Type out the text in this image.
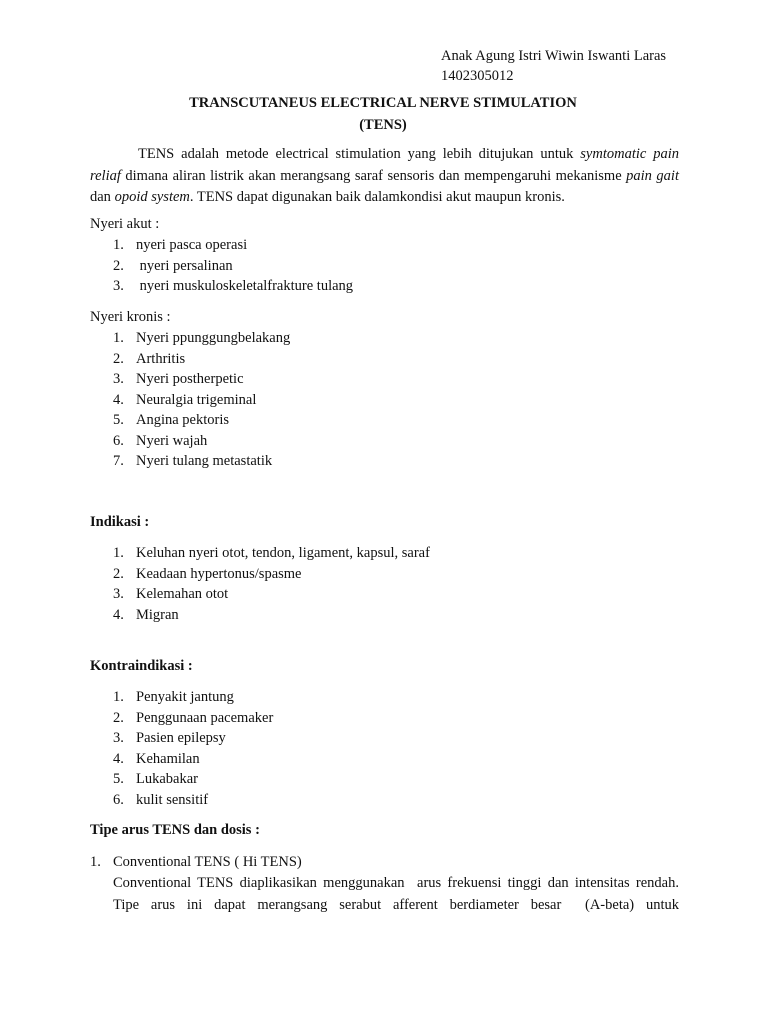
Anak Agung Istri Wiwin Iswanti Laras
1402305012
TRANSCUTANEUS ELECTRICAL NERVE STIMULATION
(TENS)

TENS adalah metode electrical stimulation yang lebih ditujukan untuk symtomatic pain reliaf dimana aliran listrik akan merangsang saraf sensoris dan mempengaruhi mekanisme pain gait dan opoid system. TENS dapat digunakan baik dalamkondisi akut maupun kronis.

Nyeri akut :

1. nyeri pasca operasi
2. nyeri persalinan
3. nyeri muskuloskeletalfrakture tulang

Nyeri kronis :

1. Nyeri ppunggungbelakang
2. Arthritis
3. Nyeri postherpetic
4. Neuralgia trigeminal
5. Angina pektoris
6. Nyeri wajah
7. Nyeri tulang metastatik

Indikasi :

1. Keluhan nyeri otot, tendon, ligament, kapsul, saraf
2. Keadaan hypertonus/spasme
3. Kelemahan otot
4. Migran

Kontraindikasi :

1. Penyakit jantung
2. Penggunaan pacemaker
3. Pasien epilepsy
4. Kehamilan
5. Lukabakar
6. kulit sensitif

Tipe arus TENS dan dosis :

1. Conventional TENS ( Hi TENS)
Conventional TENS diaplikasikan menggunakan  arus frekuensi tinggi dan intensitas rendah. Tipe arus ini dapat merangsang serabut afferent berdiameter besar  (A-beta) untuk
